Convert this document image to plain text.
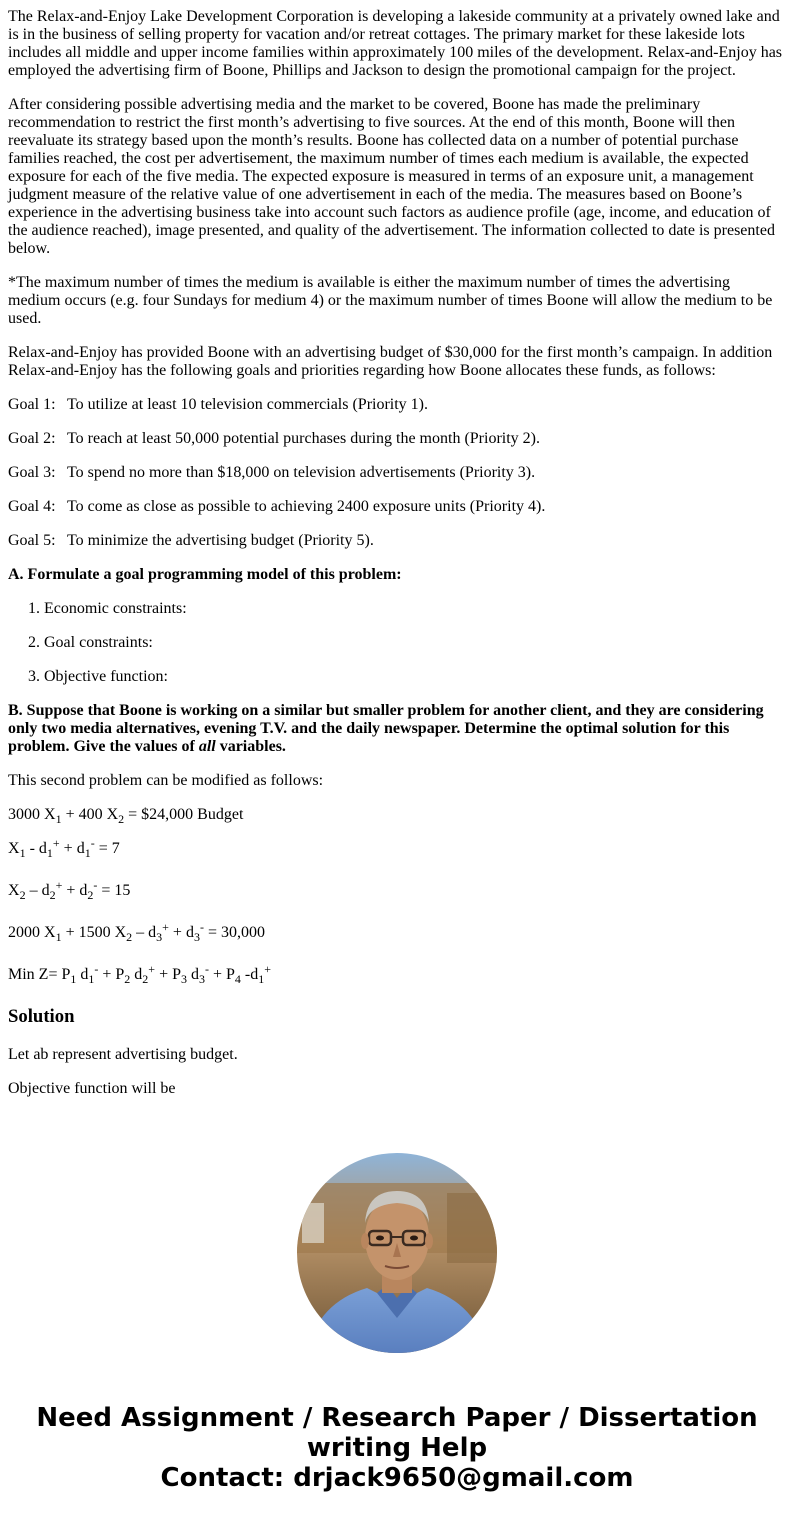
The Relax-and-Enjoy Lake Development Corporation is developing a lakeside community at a privately owned lake and is in the business of selling property for vacation and/or retreat cottages. The primary market for these lakeside lots includes all middle and upper income families within approximately 100 miles of the development. Relax-and-Enjoy has employed the advertising firm of Boone, Phillips and Jackson to design the promotional campaign for the project.

After considering possible advertising media and the market to be covered, Boone has made the preliminary recommendation to restrict the first month’s advertising to five sources. At the end of this month, Boone will then reevaluate its strategy based upon the month’s results. Boone has collected data on a number of potential purchase families reached, the cost per advertisement, the maximum number of times each medium is available, the expected exposure for each of the five media. The expected exposure is measured in terms of an exposure unit, a management judgment measure of the relative value of one advertisement in each of the media. The measures based on Boone’s experience in the advertising business take into account such factors as audience profile (age, income, and education of the audience reached), image presented, and quality of the advertisement. The information collected to date is presented below.

*The maximum number of times the medium is available is either the maximum number of times the advertising medium occurs (e.g. four Sundays for medium 4) or the maximum number of times Boone will allow the medium to be used.

Relax-and-Enjoy has provided Boone with an advertising budget of $30,000 for the first month’s campaign. In addition Relax-and-Enjoy has the following goals and priorities regarding how Boone allocates these funds, as follows:

Goal 1: To utilize at least 10 television commercials (Priority 1).

Goal 2: To reach at least 50,000 potential purchases during the month (Priority 2).

Goal 3: To spend no more than $18,000 on television advertisements (Priority 3).

Goal 4: To come as close as possible to achieving 2400 exposure units (Priority 4).

Goal 5: To minimize the advertising budget (Priority 5).

A. Formulate a goal programming model of this problem:

1. Economic constraints:
2. Goal constraints:
3. Objective function:

B. Suppose that Boone is working on a similar but smaller problem for another client, and they are considering only two media alternatives, evening T.V. and the daily newspaper. Determine the optimal solution for this problem. Give the values of all variables.

This second problem can be modified as follows:

3000 $X_1 + 400$ $X_2$ = $24,000 Budget

$X_1 - d_1^+ + d_1^- = 7$

$X_2 - d_2^+ + d_2^- = 15$

2000 $X_1 + 1500$ $X_2 - d_3^+ + d_3^- = 30,000$

Min $Z= P_1$ $d_1^- + P_2$ $d_2^+ + P_3$ $d_3^- + P_4$ $-d_1^+$

Solution

Let ab represent advertising budget.

Objective function will be

Need Assignment / Research Paper / Dissertation
writing Help
Contact: drjack9650@gmail.com
